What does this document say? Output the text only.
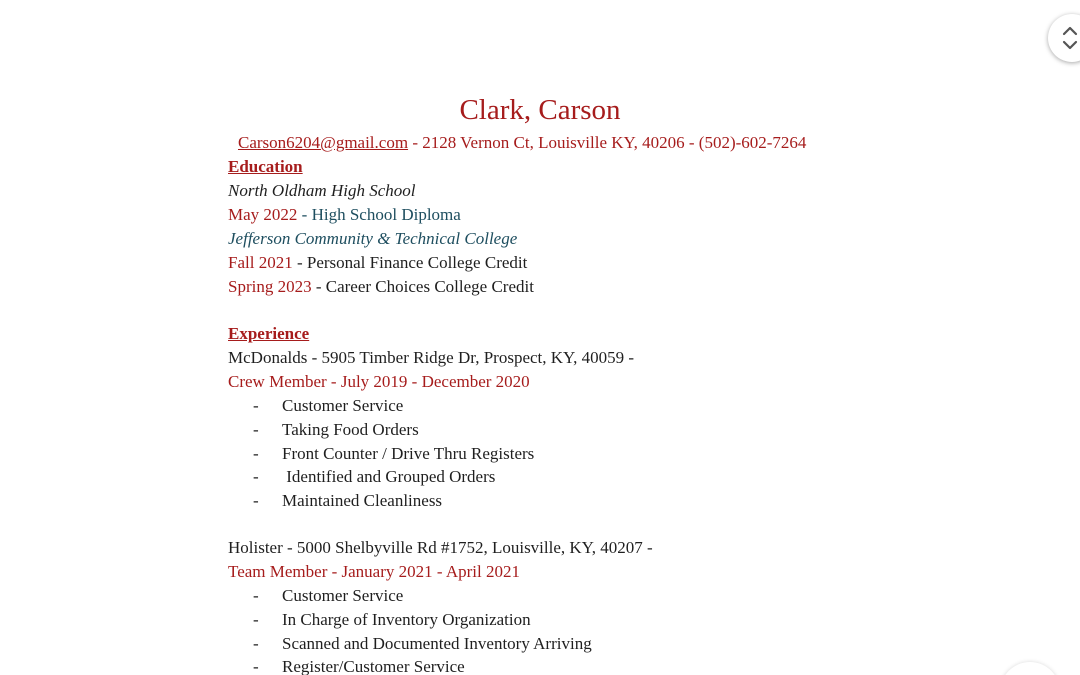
Clark, Carson
Carson6204@gmail.com - 2128 Vernon Ct, Louisville KY, 40206 - (502)-602-7264
Education
North Oldham High School
May 2022 - High School Diploma
Jefferson Community & Technical College
Fall 2021 - Personal Finance College Credit
Spring 2023 - Career Choices College Credit
Experience
McDonalds - 5905 Timber Ridge Dr, Prospect, KY, 40059 -
Crew Member - July 2019 - December 2020
- Customer Service
- Taking Food Orders
- Front Counter / Drive Thru Registers
- Identified and Grouped Orders
- Maintained Cleanliness
Holister - 5000 Shelbyville Rd #1752, Louisville, KY, 40207 -
Team Member - January 2021 - April 2021
- Customer Service
- In Charge of Inventory Organization
- Scanned and Documented Inventory Arriving
- Register/Customer Service
